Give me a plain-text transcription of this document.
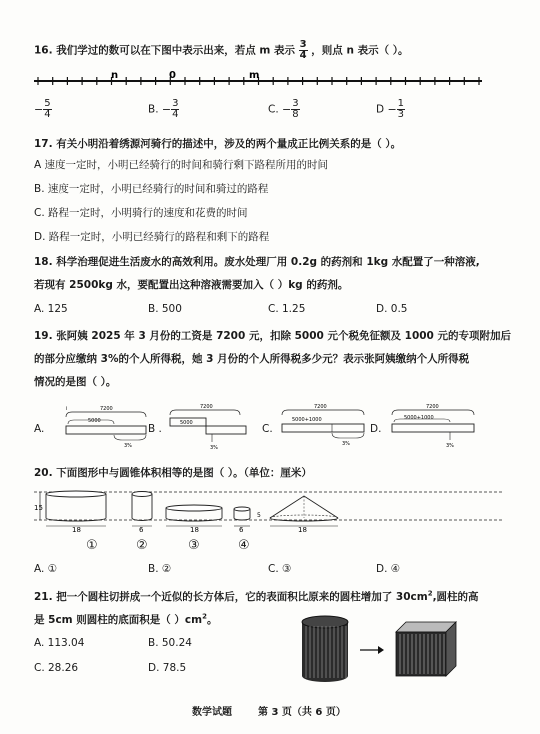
16. 我们学过的数可以在下图中表示出来，若点 m 表示 $\frac{3}{4}$ ，则点 n 表示（ ）。
n	0	m
− $\frac{5}{4}$	B. − $\frac{3}{4}$	C. − $\frac{3}{8}$	$D - \frac{1}{3}$
17. 有关小明沿着绣源河骑行的描述中，涉及的两个量成正比例关系的是（ ）。
A 速度一定时，小明已经骑行的时间和骑行剩下路程所用的时间
B. 速度一定时，小明已经骑行的时间和骑过的路程
C. 路程一定时，小明骑行的速度和花费的时间
D. 路程一定时，小明已经骑行的路程和剩下的路程
18. 科学治理促进生活废水的高效利用。废水处理厂用 0.2g 的药剂和 1kg 水配置了一种溶液,
若现有 2500kg 水，要配置出这种溶液需要加入（ ）kg 的药剂。
A. 125	B. 500	C. 1.25	D. 0.5
19. 张阿姨 2025 年 3 月份的工资是 7200 元，扣除 5000 元个税免征额及 1000 元的专项附加后
的部分应缴纳 3%的个人所得税，她 3 月份的个人所得税多少元？表示张阿姨缴纳个人所得税
情况的是图（ ）。
A.
i	7200
5000
3%
B .
7200
5000
3%
C.
7200
5000+1000
3%
D.
7200
5000+1000
3%
20. 下面图形中与圆锥体积相等的是图（ ）。（单位：厘米）
15
18	6	18	6
5
18
①	②	③	④
A. ①	B. ②	C. ③	D. ④
21. 把一个圆柱切拼成一个近似的长方体后，它的表面积比原来的圆柱增加了 $30cm^2$,圆柱的高
是 5cm 则圆柱的底面积是（ ）$cm^2$。
A. 113.04	B. 50.24
C. 28.26	D. 78.5
数学试题	第 3 页（共 6 页）
